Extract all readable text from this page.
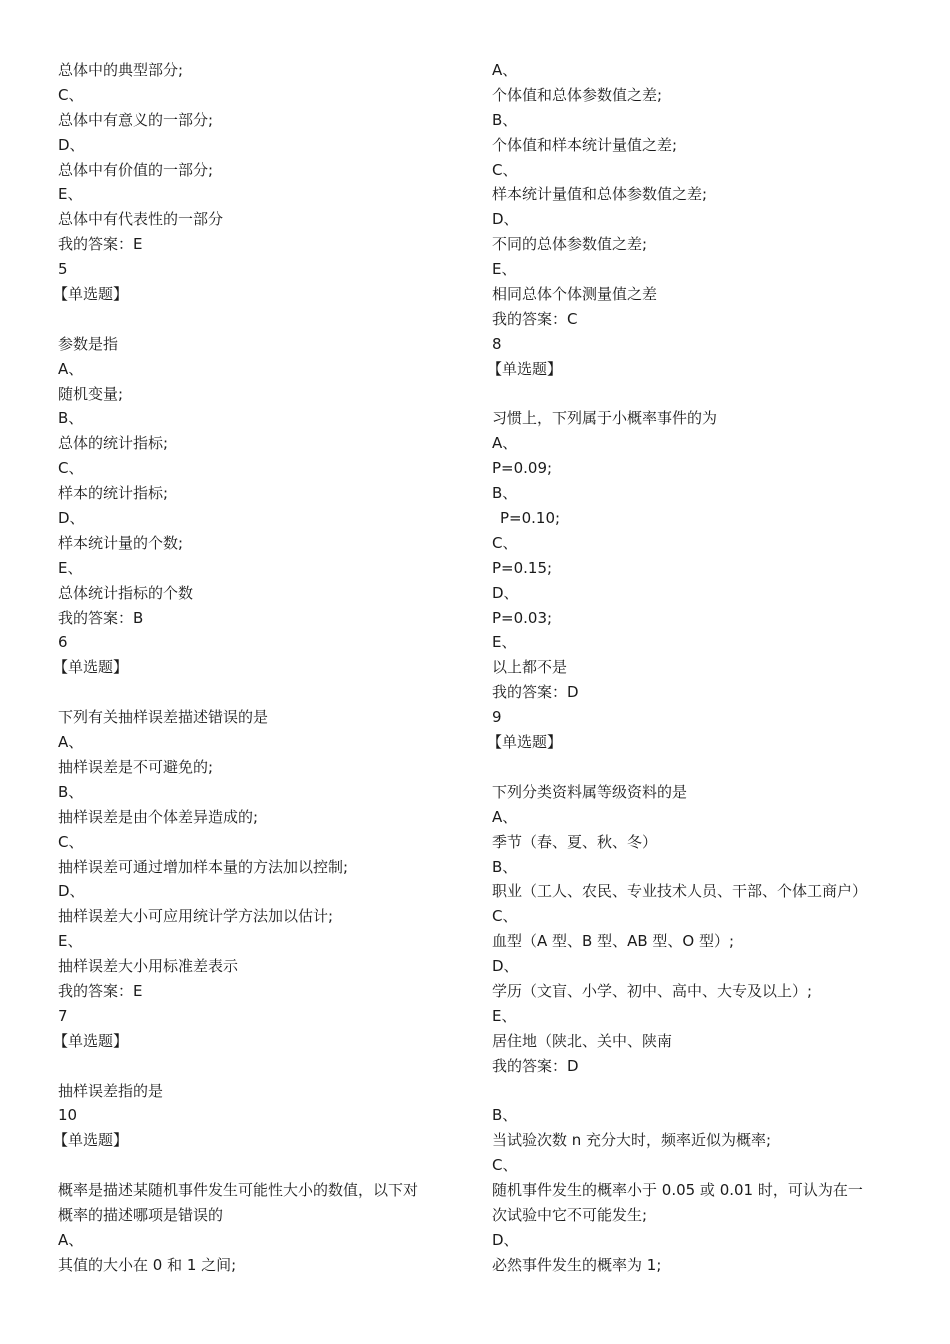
总体中的典型部分;
C、
总体中有意义的一部分;
D、
总体中有价值的一部分;
E、
总体中有代表性的一部分
我的答案：E
5
【单选题】
参数是指
A、
随机变量;
B、
总体的统计指标;
C、
样本的统计指标;
D、
样本统计量的个数;
E、
总体统计指标的个数
我的答案：B
6
【单选题】
下列有关抽样误差描述错误的是
A、
抽样误差是不可避免的;
B、
抽样误差是由个体差异造成的;
C、
抽样误差可通过增加样本量的方法加以控制;
D、
抽样误差大小可应用统计学方法加以估计;
E、
抽样误差大小用标准差表示
我的答案：E
7
【单选题】
抽样误差指的是
10
【单选题】
概率是描述某随机事件发生可能性大小的数值，以下对
概率的描述哪项是错误的
A、
其值的大小在 0 和 1 之间;
A、
个体值和总体参数值之差;
B、
个体值和样本统计量值之差;
C、
样本统计量值和总体参数值之差;
D、
不同的总体参数值之差;
E、
相同总体个体测量值之差
我的答案：C
8
【单选题】
习惯上，下列属于小概率事件的为
A、
P=0.09;
B、
P=0.10;
C、
P=0.15;
D、
P=0.03;
E、
以上都不是
我的答案：D
9
【单选题】
下列分类资料属等级资料的是
A、
季节（春、夏、秋、冬）
B、
职业（工人、农民、专业技术人员、干部、个体工商户）
C、
血型（A 型、B 型、AB 型、O 型）;
D、
学历（文盲、小学、初中、高中、大专及以上）;
E、
居住地（陕北、关中、陕南
我的答案：D
B、
当试验次数 n 充分大时，频率近似为概率;
C、
随机事件发生的概率小于 0.05 或 0.01 时，可认为在一
次试验中它不可能发生;
D、
必然事件发生的概率为 1;
